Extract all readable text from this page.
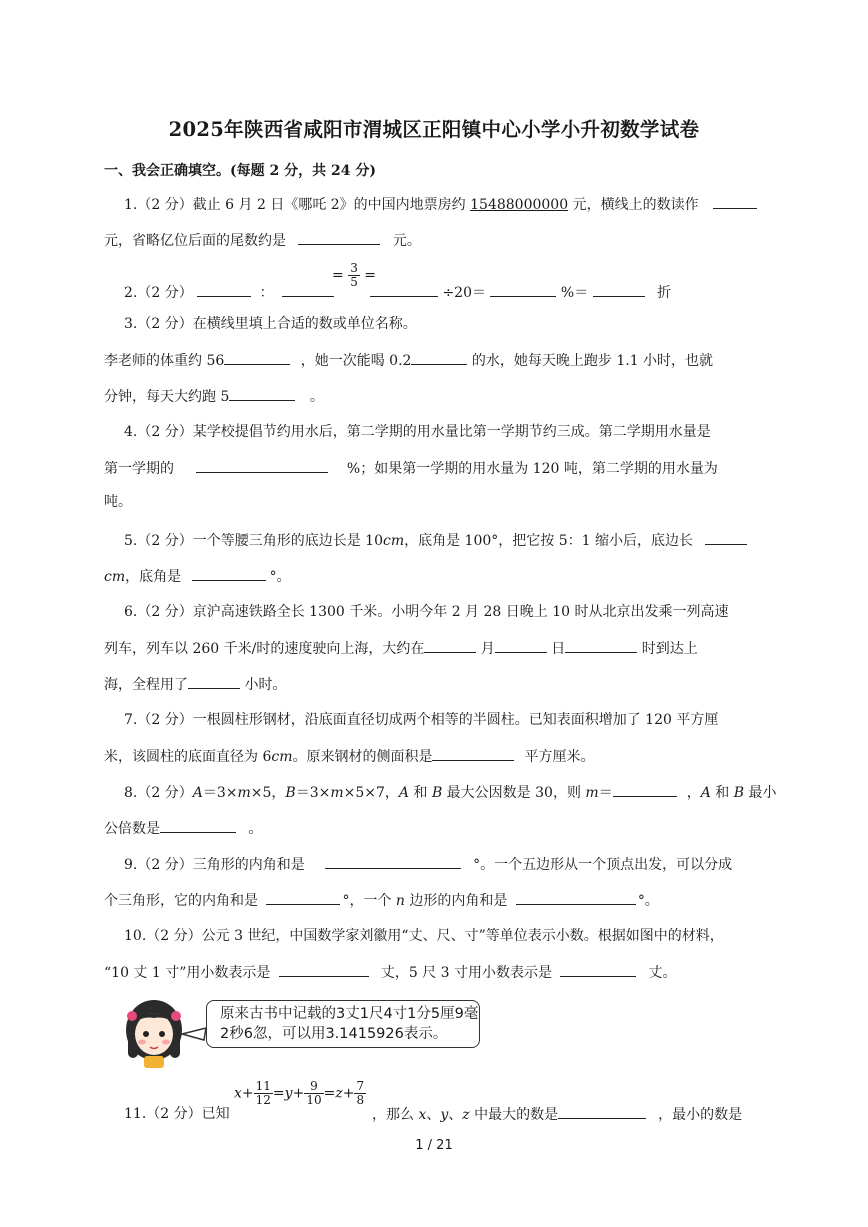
2025年陕西省咸阳市渭城区正阳镇中心小学小升初数学试卷
一、我会正确填空。(每题 2 分，共 24 分)
1.（2 分）截止 6 月 2 日《哪吒 2》的中国内地票房约 15488000000 元，横线上的数读作
元，省略亿位后面的尾数约是	元。
2.（2 分）	：
= $\frac{3}{5}$ =
÷20＝	%＝	折
3.（2 分）在横线里填上合适的数或单位名称。
李老师的体重约 56	，她一次能喝 0.2	的水，她每天晚上跑步 1.1 小时，也就
分钟，每天大约跑 5	。
4.（2 分）某学校提倡节约用水后，第二学期的用水量比第一学期节约三成。第二学期用水量是
第一学期的	%；如果第一学期的用水量为 120 吨，第二学期的用水量为
吨。
5.（2 分）一个等腰三角形的底边长是 10cm，底角是 100°，把它按 5：1 缩小后，底边长
cm，底角是	°。
6.（2 分）京沪高速铁路全长 1300 千米。小明今年 2 月 28 日晚上 10 时从北京出发乘一列高速
列车，列车以 260 千米/时的速度驶向上海，大约在	月	日	时到达上
海，全程用了	小时。
7.（2 分）一根圆柱形钢材，沿底面直径切成两个相等的半圆柱。已知表面积增加了 120 平方厘
米，该圆柱的底面直径为 6cm。原来钢材的侧面积是	平方厘米。
8.（2 分）A＝3×m×5，B＝3×m×5×7，A 和 B 最大公因数是 30，则 m＝	，A 和 B 最小
公倍数是	。
9.（2 分）三角形的内角和是	°。一个五边形从一个顶点出发，可以分成
个三角形，它的内角和是	°，一个 n 边形的内角和是	°。
10.（2 分）公元 3 世纪，中国数学家刘徽用“丈、尺、寸”等单位表示小数。根据如图中的材料，
“10 丈 1 寸”用小数表示是	丈，5 尺 3 寸用小数表示是	丈。
原来古书中记载的3丈1尺4寸1分5厘9毫2秒6忽，可以用3.1415926表示。
$x+ \frac{11}{12} =y+ \frac{9}{10} =z+ \frac{7}{8}$
11.（2 分）已知	，那么 x、y、z 中最大的数是	，最小的数是
1 / 21
